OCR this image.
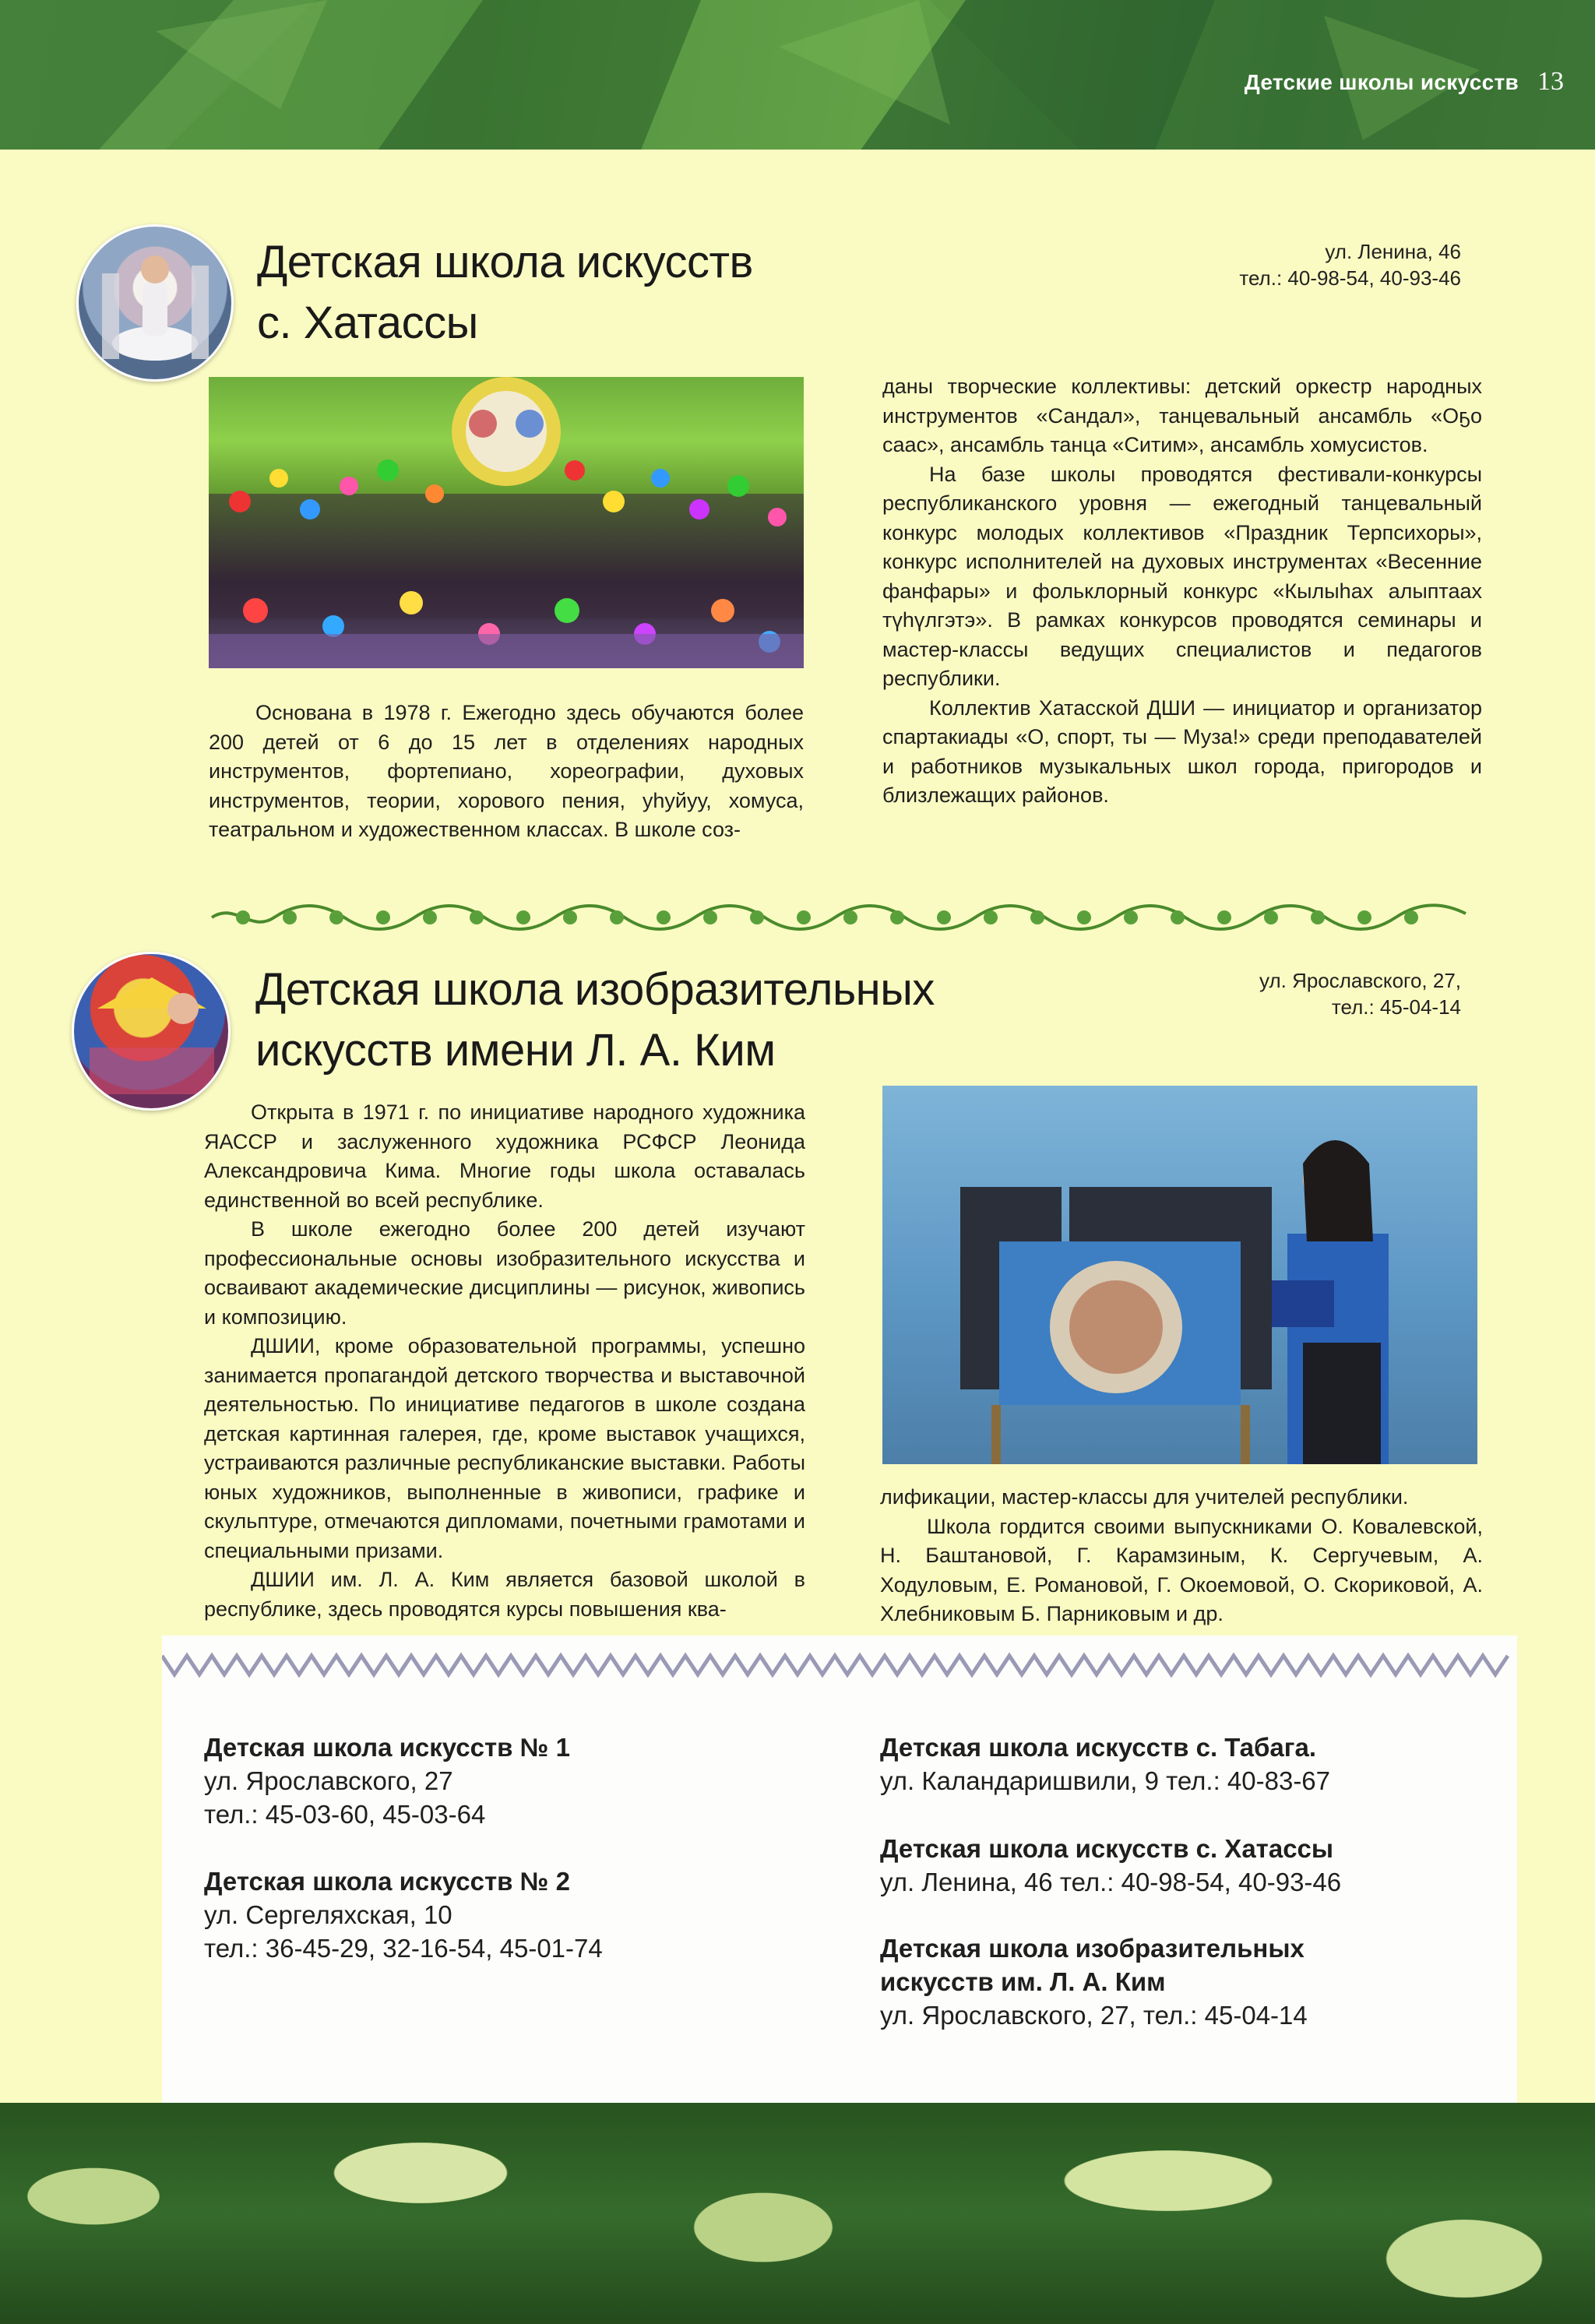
Детские школы искусств 13
Детская школа искусств
с. Хатассы
ул. Ленина, 46
тел.: 40-98-54, 40-93-46

Основана в 1978 г. Ежегодно здесь обучаются более 200 детей от 6 до 15 лет в отделениях народных инструментов, фортепиано, хореографии, духовых инструментов, теории, хорового пения, уһуйуу, хомуса, театральном и художественном классах. В школе соз-

даны творческие коллективы: детский оркестр народных инструментов «Сандал», танцевальный ансамбль «Оҕо саас», ансамбль танца «Ситим», ансамбль хомусистов.

На базе школы проводятся фестивали-конкурсы республиканского уровня — ежегодный танцевальный конкурс молодых коллективов «Праздник Терпсихоры», конкурс исполнителей на духовых инструментах «Весенние фанфары» и фольклорный конкурс «Кылыһах алыптаах түһүлгэтэ». В рамках конкурсов проводятся семинары и мастер-классы ведущих специалистов и педагогов республики.

Коллектив Хатасской ДШИ — инициатор и организатор спартакиады «О, спорт, ты — Муза!» среди преподавателей и работников музыкальных школ города, пригородов и близлежащих районов.

Детская школа изобразительных
искусств имени Л. А. Ким
ул. Ярославского, 27,
тел.: 45-04-14

Открыта в 1971 г. по инициативе народного художника ЯАССР и заслуженного художника РСФСР Леонида Александровича Кима. Многие годы школа оставалась единственной во всей республике.

В школе ежегодно более 200 детей изучают профессиональные основы изобразительного искусства и осваивают академические дисциплины — рисунок, живопись и композицию.

ДШИИ, кроме образовательной программы, успешно занимается пропагандой детского творчества и выставочной деятельностью. По инициативе педагогов в школе создана детская картинная галерея, где, кроме выставок учащихся, устраиваются различные республиканские выставки. Работы юных художников, выполненные в живописи, графике и скульптуре, отмечаются дипломами, почетными грамотами и специальными призами.

ДШИИ им. Л. А. Ким является базовой школой в республике, здесь проводятся курсы повышения ква-

лификации, мастер-классы для учителей республики.

Школа гордится своими выпускниками О. Ковалевской, Н. Баштановой, Г. Карамзиным, К. Сергучевым, А. Ходуловым, Е. Романовой, Г. Окоемовой, О. Скориковой, А. Хлебниковым Б. Парниковым и др.

Детская школа искусств № 1
ул. Ярославского, 27
тел.: 45-03-60, 45-03-64
Детская школа искусств № 2
ул. Сергеляхская, 10
тел.: 36-45-29, 32-16-54, 45-01-74
Детская школа искусств с. Табага.
ул. Каландаришвили, 9 тел.: 40-83-67
Детская школа искусств с. Хатассы
ул. Ленина, 46 тел.: 40-98-54, 40-93-46
Детская школа изобразительных
искусств им. Л. А. Ким
ул. Ярославского, 27, тел.: 45-04-14
